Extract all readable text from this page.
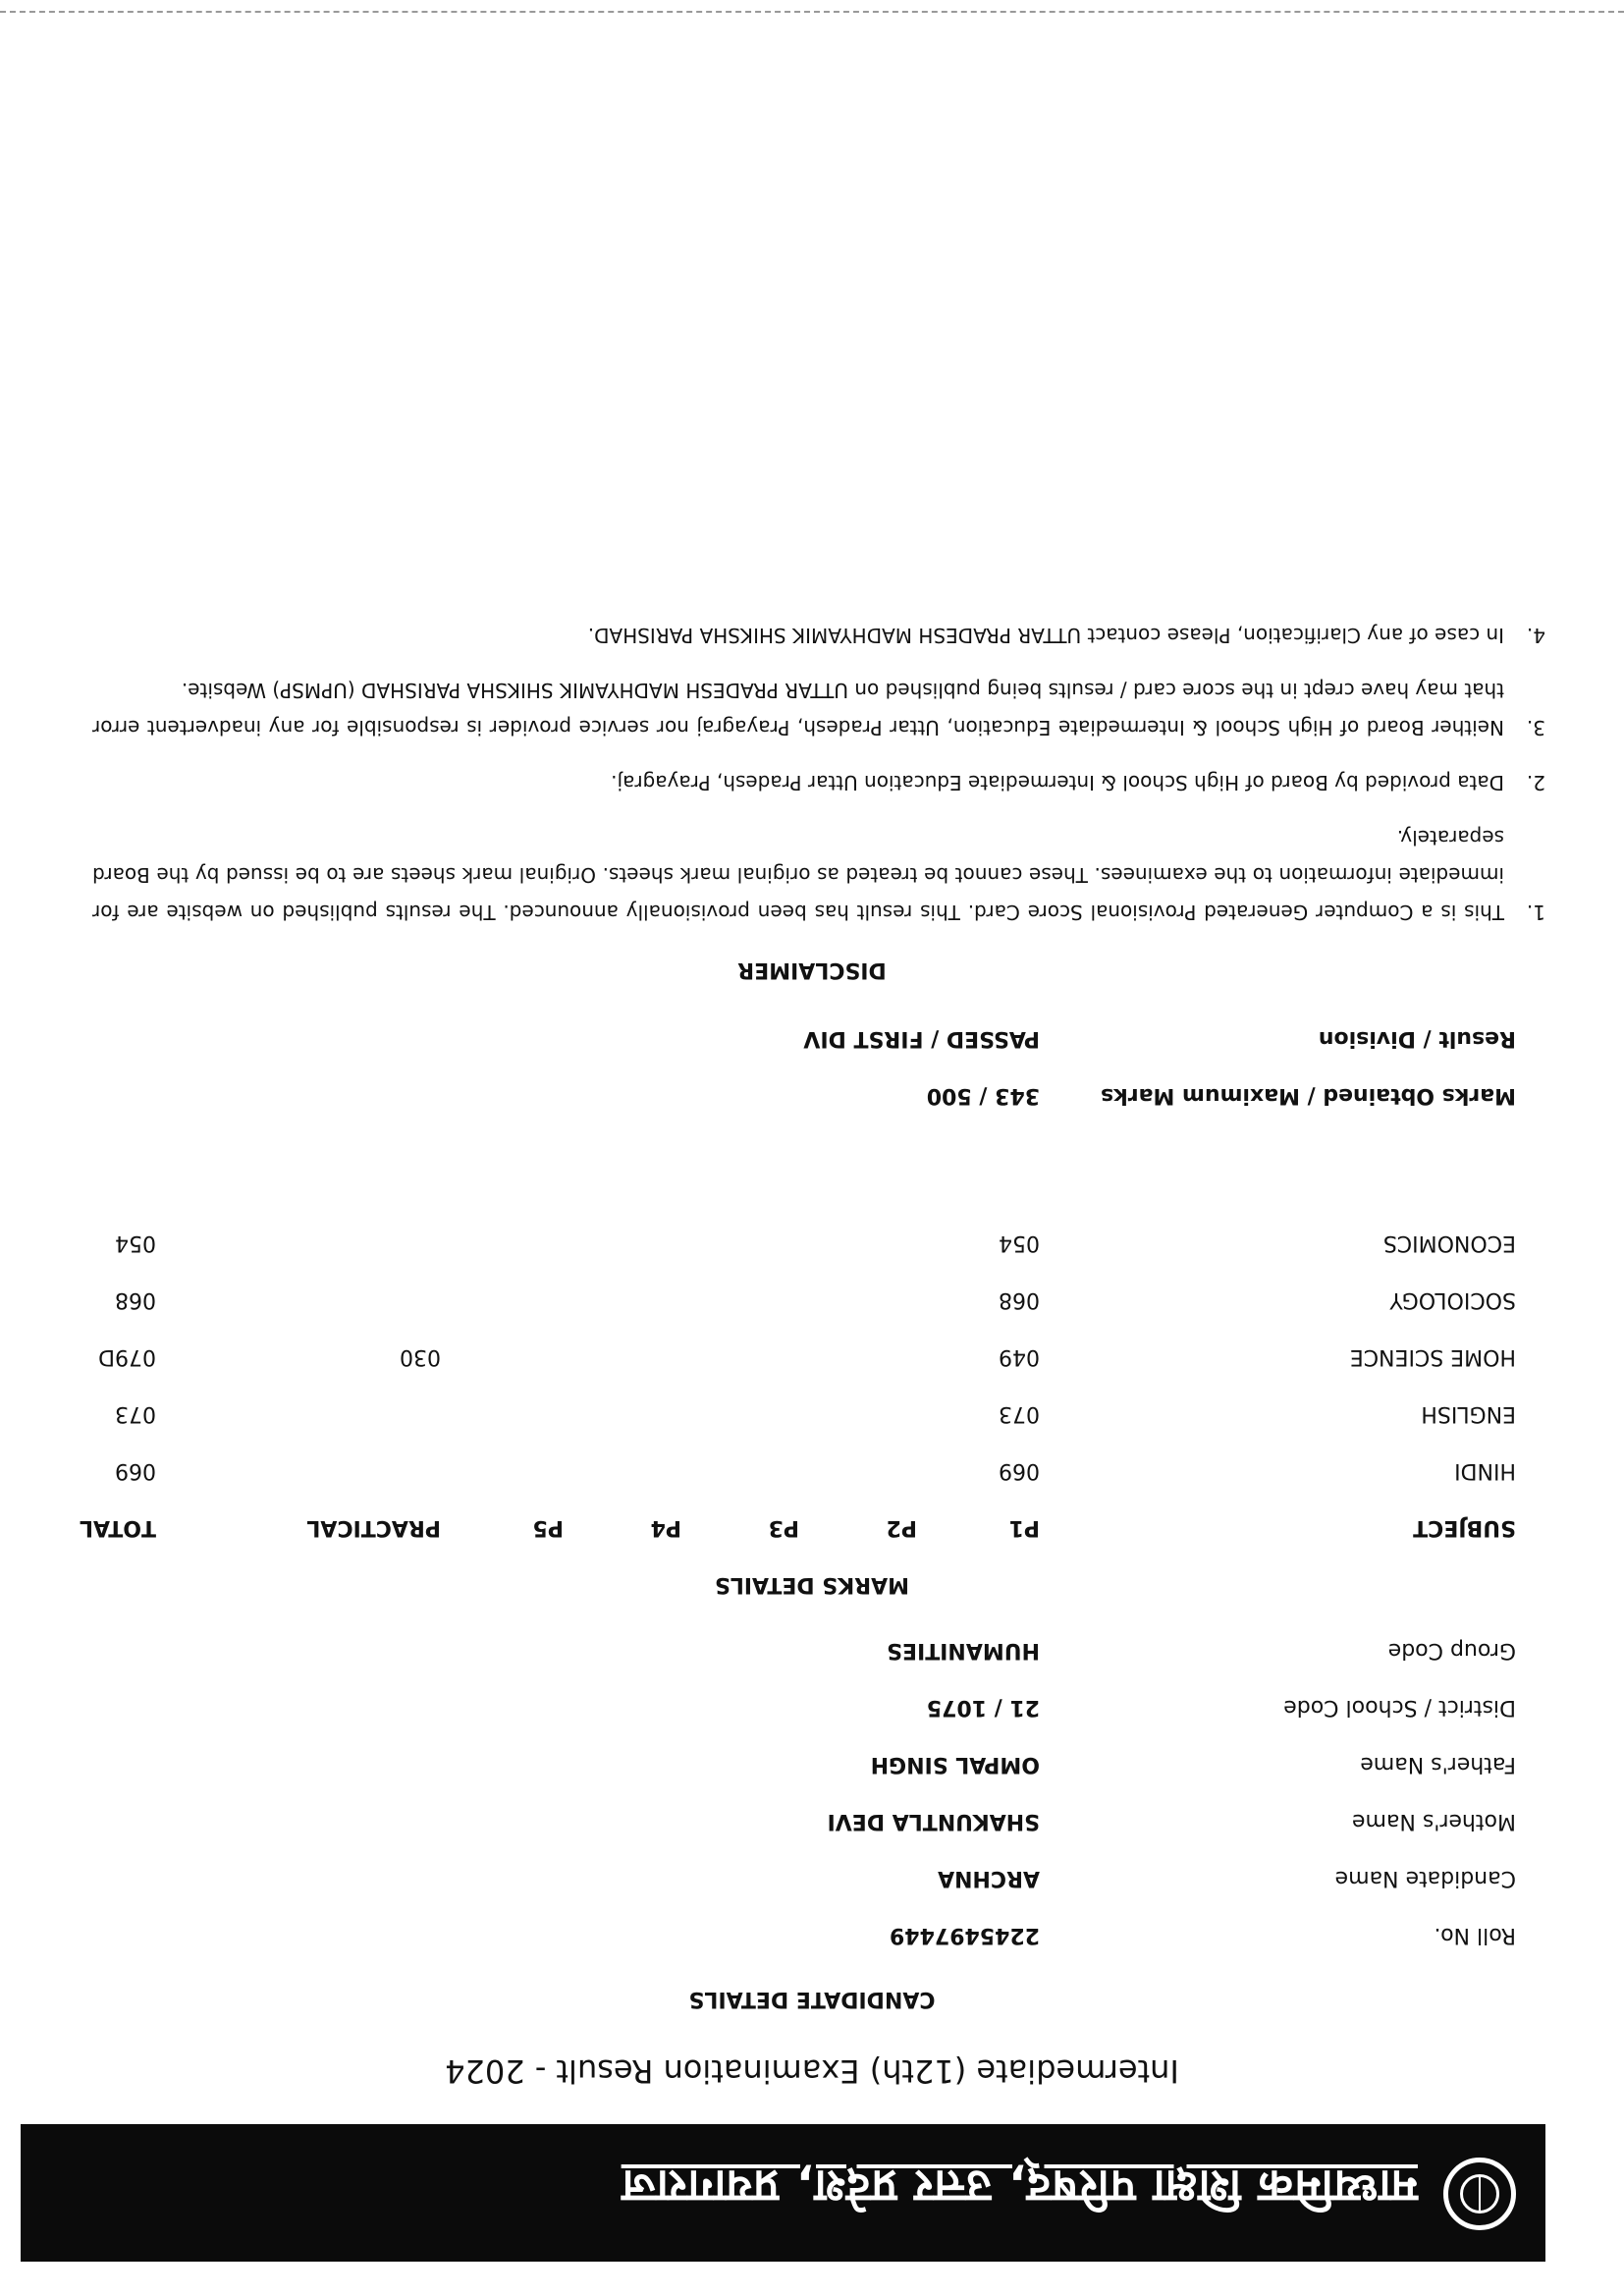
माध्यमिक शिक्षा परिषद्, उत्तर प्रदेश, प्रयागराज
Intermediate (12th) Examination Result - 2024
CANDIDATE DETAILS
Roll No.
2245497449
Candidate Name
ARCHNA
Mother's Name
SHAKUNTLA DEVI
Father's Name
OMPAL SINGH
District / School Code
21 / 1075
Group Code
HUMANITIES
MARKS DETAILS
SUBJECT
P1
P2
P3
P4
P5
PRACTICAL
TOTAL
HINDI
069
069
ENGLISH
073
073
HOME SCIENCE
049
030
079D
SOCIOLOGY
068
068
ECONOMICS
054
054
Marks Obtained / Maximum Marks
343 / 500
Result / Division
PASSED / FIRST DIV
DISCLAIMER
1.
This is a Computer Generated Provisional Score Card. This result has been provisionally announced. The results published on website are for immediate information to the examinees. These cannot be treated as original mark sheets. Original mark sheets are to be issued by the Board separately.
2.
Data provided by Board of High School & Intermediate Education Uttar Pradesh, Prayagraj.
3.
Neither Board of High School & Intermediate Education, Uttar Pradesh, Prayagraj nor service provider is responsible for any inadvertent error that may have crept in the score card / results being published on UTTAR PRADESH MADHYAMIK SHIKSHA PARISHAD (UPMSP) Website.
4.
In case of any Clarification, Please contact UTTAR PRADESH MADHYAMIK SHIKSHA PARISHAD.
